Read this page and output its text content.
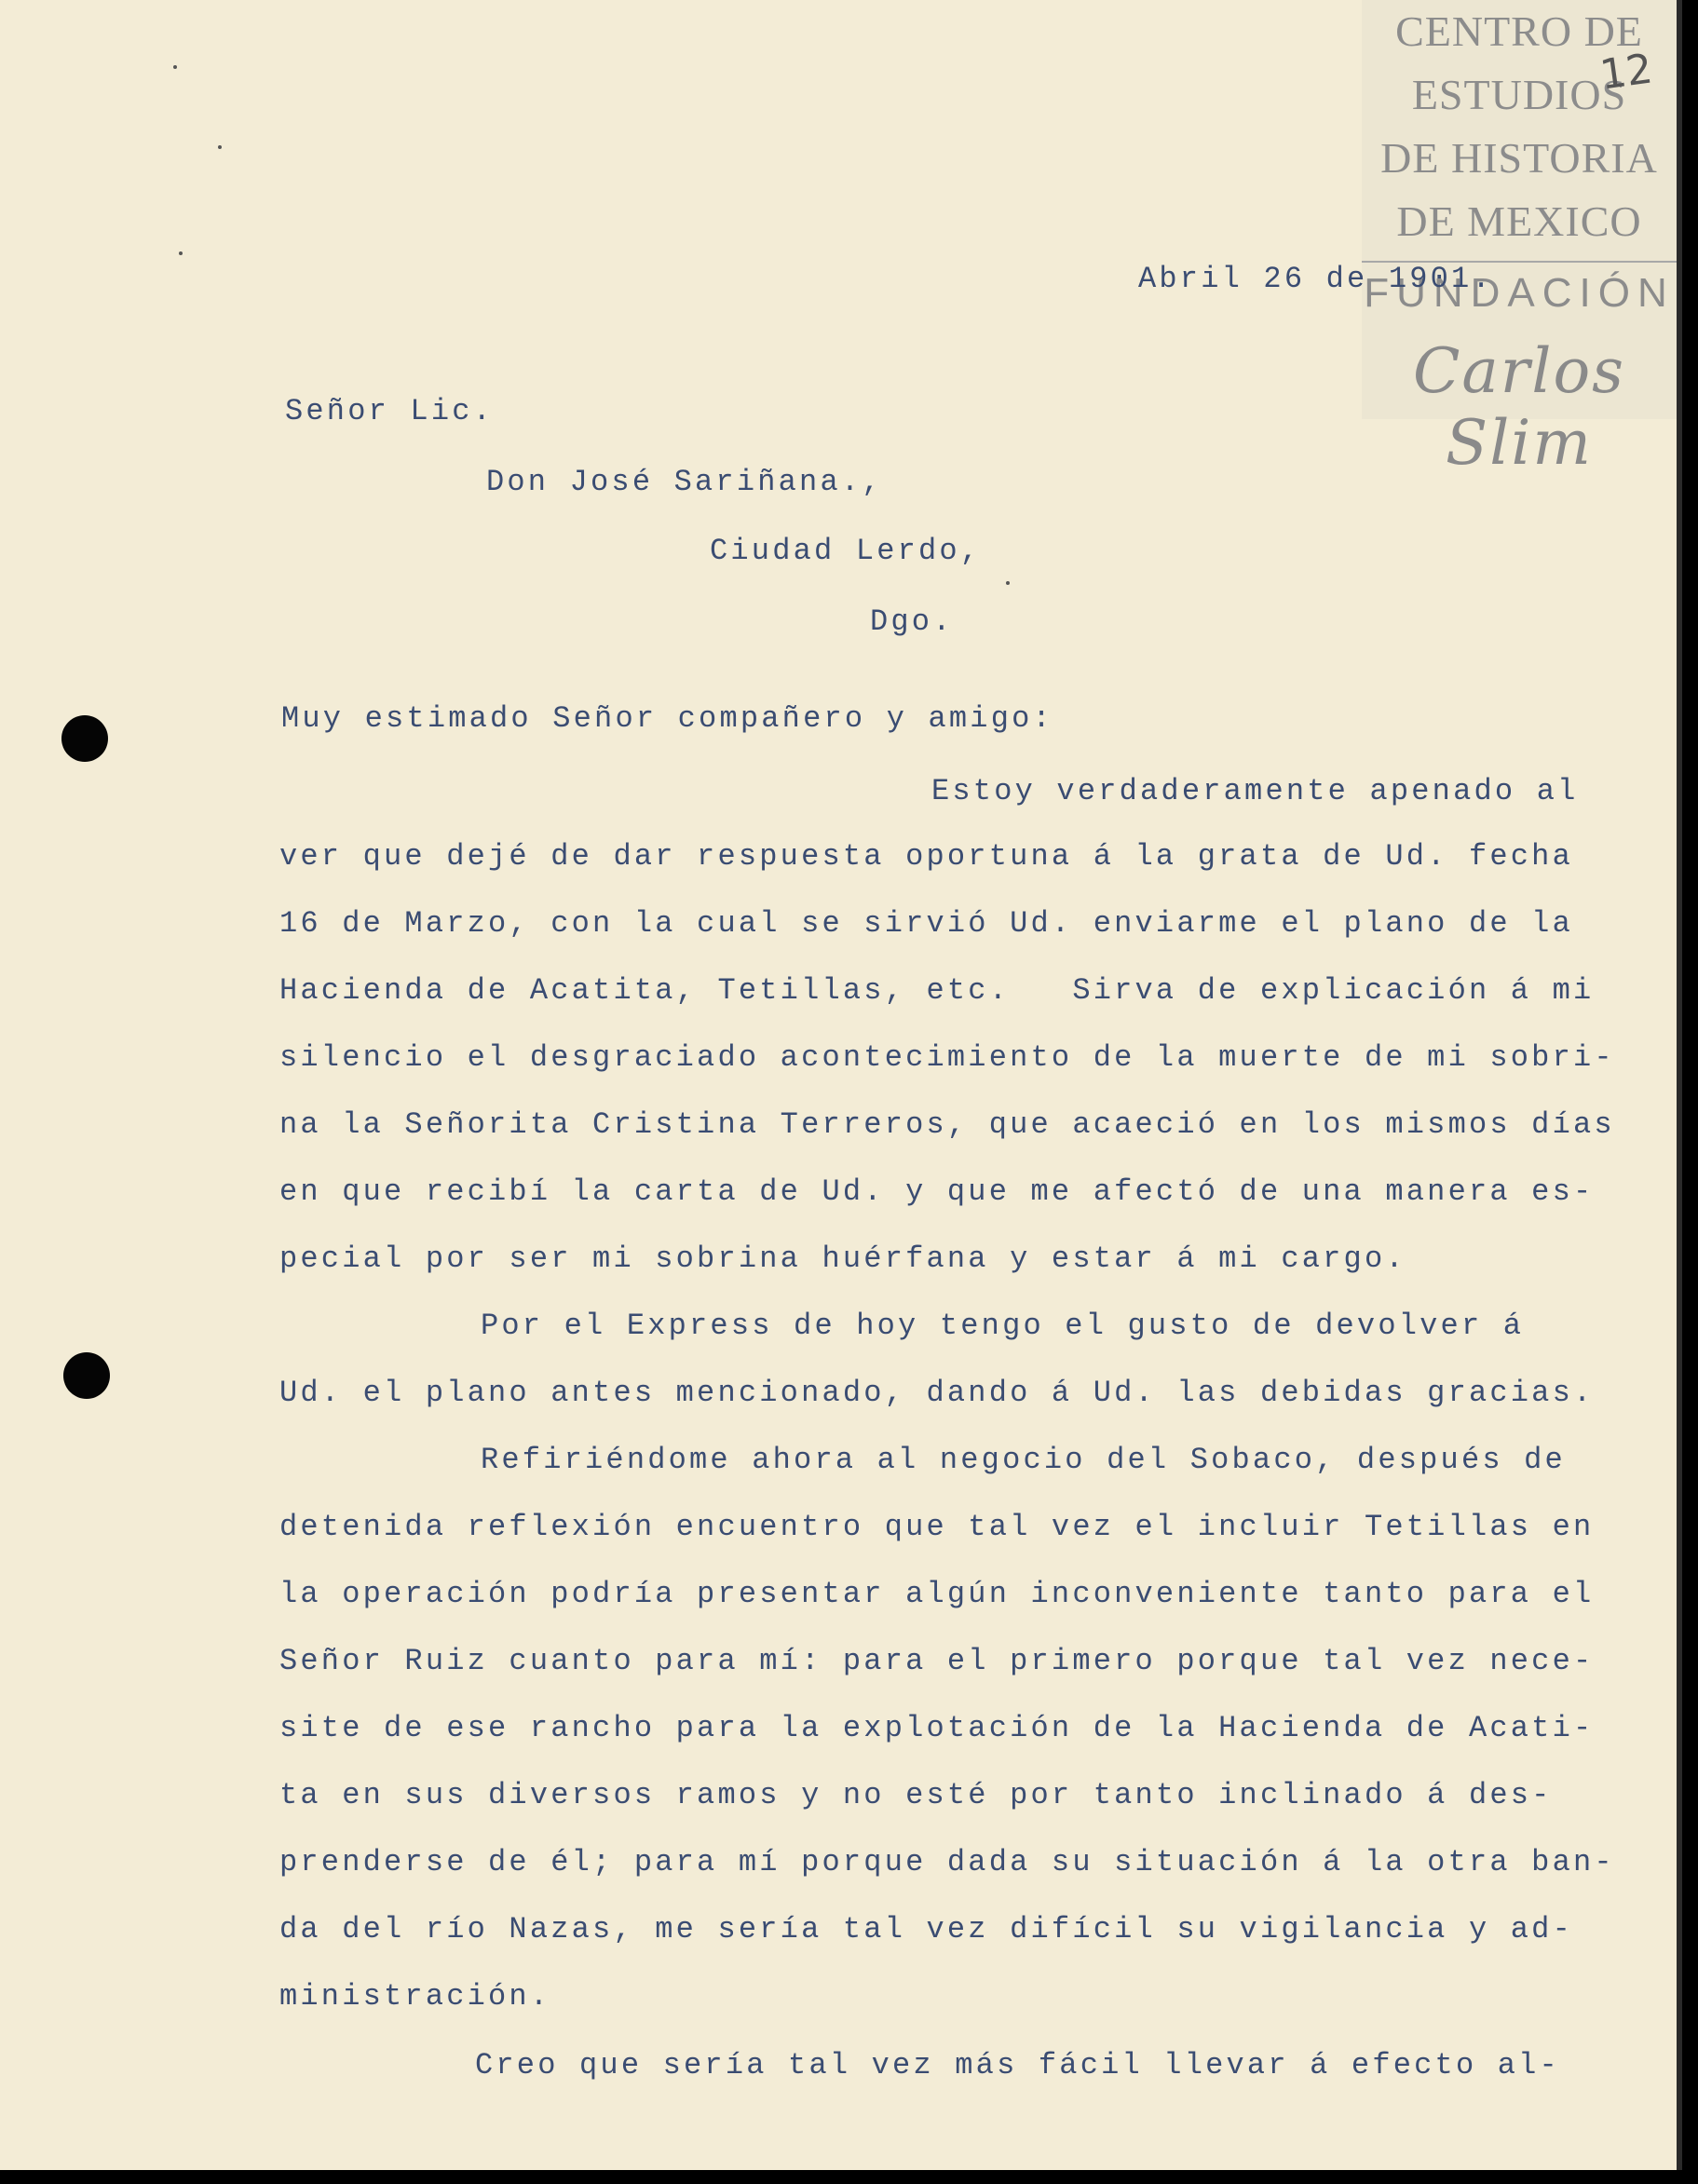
CENTRO DE
ESTUDIOS
DE HISTORIA
DE MEXICO
FUNDACIÓN
Carlos Slim
12
Abril 26 de 1901.
Señor Lic.
Don José Sariñana.,
Ciudad Lerdo,
Dgo.
Muy estimado Señor compañero y amigo:
Estoy verdaderamente apenado al
ver que dejé de dar respuesta oportuna á la grata de Ud. fecha
16 de Marzo, con la cual se sirvió Ud. enviarme el plano de la
Hacienda de Acatita, Tetillas, etc.   Sirva de explicación á mi
silencio el desgraciado acontecimiento de la muerte de mi sobri-
na la Señorita Cristina Terreros, que acaeció en los mismos días
en que recibí la carta de Ud. y que me afectó de una manera es-
pecial por ser mi sobrina huérfana y estar á mi cargo.
Por el Express de hoy tengo el gusto de devolver á
Ud. el plano antes mencionado, dando á Ud. las debidas gracias.
Refiriéndome ahora al negocio del Sobaco, después de
detenida reflexión encuentro que tal vez el incluir Tetillas en
la operación podría presentar algún inconveniente tanto para el
Señor Ruiz cuanto para mí: para el primero porque tal vez nece-
site de ese rancho para la explotación de la Hacienda de Acati-
ta en sus diversos ramos y no esté por tanto inclinado á des-
prenderse de él; para mí porque dada su situación á la otra ban-
da del río Nazas, me sería tal vez difícil su vigilancia y ad-
ministración.
Creo que sería tal vez más fácil llevar á efecto al-
